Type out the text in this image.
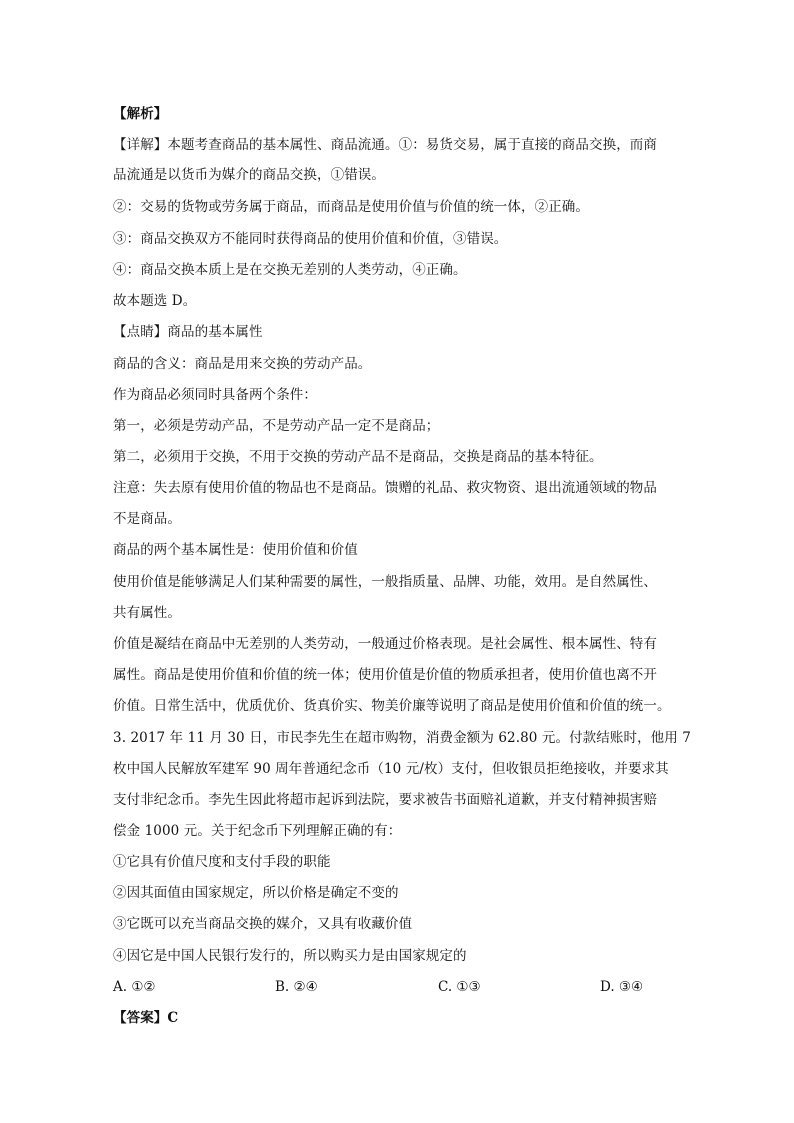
【解析】
【详解】本题考查商品的基本属性、商品流通。①：易货交易，属于直接的商品交换，而商
品流通是以货币为媒介的商品交换，①错误。
②：交易的货物或劳务属于商品，而商品是使用价值与价值的统一体，②正确。
③：商品交换双方不能同时获得商品的使用价值和价值，③错误。
④：商品交换本质上是在交换无差别的人类劳动，④正确。
故本题选 D。
【点睛】商品的基本属性
商品的含义：商品是用来交换的劳动产品。
作为商品必须同时具备两个条件：
第一，必须是劳动产品，不是劳动产品一定不是商品；
第二，必须用于交换，不用于交换的劳动产品不是商品，交换是商品的基本特征。
注意：失去原有使用价值的物品也不是商品。馈赠的礼品、救灾物资、退出流通领域的物品
不是商品。
商品的两个基本属性是：使用价值和价值
使用价值是能够满足人们某种需要的属性，一般指质量、品牌、功能，效用。是自然属性、
共有属性。
价值是凝结在商品中无差别的人类劳动，一般通过价格表现。是社会属性、根本属性、特有
属性。商品是使用价值和价值的统一体；使用价值是价值的物质承担者，使用价值也离不开
价值。日常生活中，优质优价、货真价实、物美价廉等说明了商品是使用价值和价值的统一。
3. 2017 年 11 月 30 日，市民李先生在超市购物，消费金额为 62.80 元。付款结账时，他用 7
枚中国人民解放军建军 90 周年普通纪念币（10 元/枚）支付，但收银员拒绝接收，并要求其
支付非纪念币。李先生因此将超市起诉到法院，要求被告书面赔礼道歉，并支付精神损害赔
偿金 1000 元。关于纪念币下列理解正确的有：
①它具有价值尺度和支付手段的职能
②因其面值由国家规定，所以价格是确定不变的
③它既可以充当商品交换的媒介，又具有收藏价值
④因它是中国人民银行发行的，所以购买力是由国家规定的
A. ①②	B. ②④	C. ①③	D. ③④
【答案】C
